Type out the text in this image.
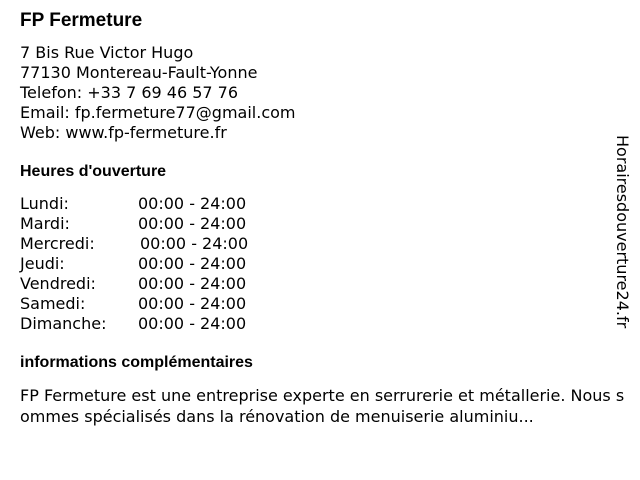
FP Fermeture
7 Bis Rue Victor Hugo
77130 Montereau-Fault-Yonne
Telefon: +33 7 69 46 57 76
Email: fp.fermeture77@gmail.com
Web: www.fp-fermeture.fr
Heures d'ouverture
Lundi:	00:00 - 24:00
Mardi:	00:00 - 24:00
Mercredi:	00:00 - 24:00
Jeudi:	00:00 - 24:00
Vendredi:	00:00 - 24:00
Samedi:	00:00 - 24:00
Dimanche: 00:00 - 24:00
informations complémentaires
FP Fermeture est une entreprise experte en serrurerie et métallerie. Nous sommes spécialisés dans la rénovation de menuiserie aluminiu...
Horairesdouverture24.fr
